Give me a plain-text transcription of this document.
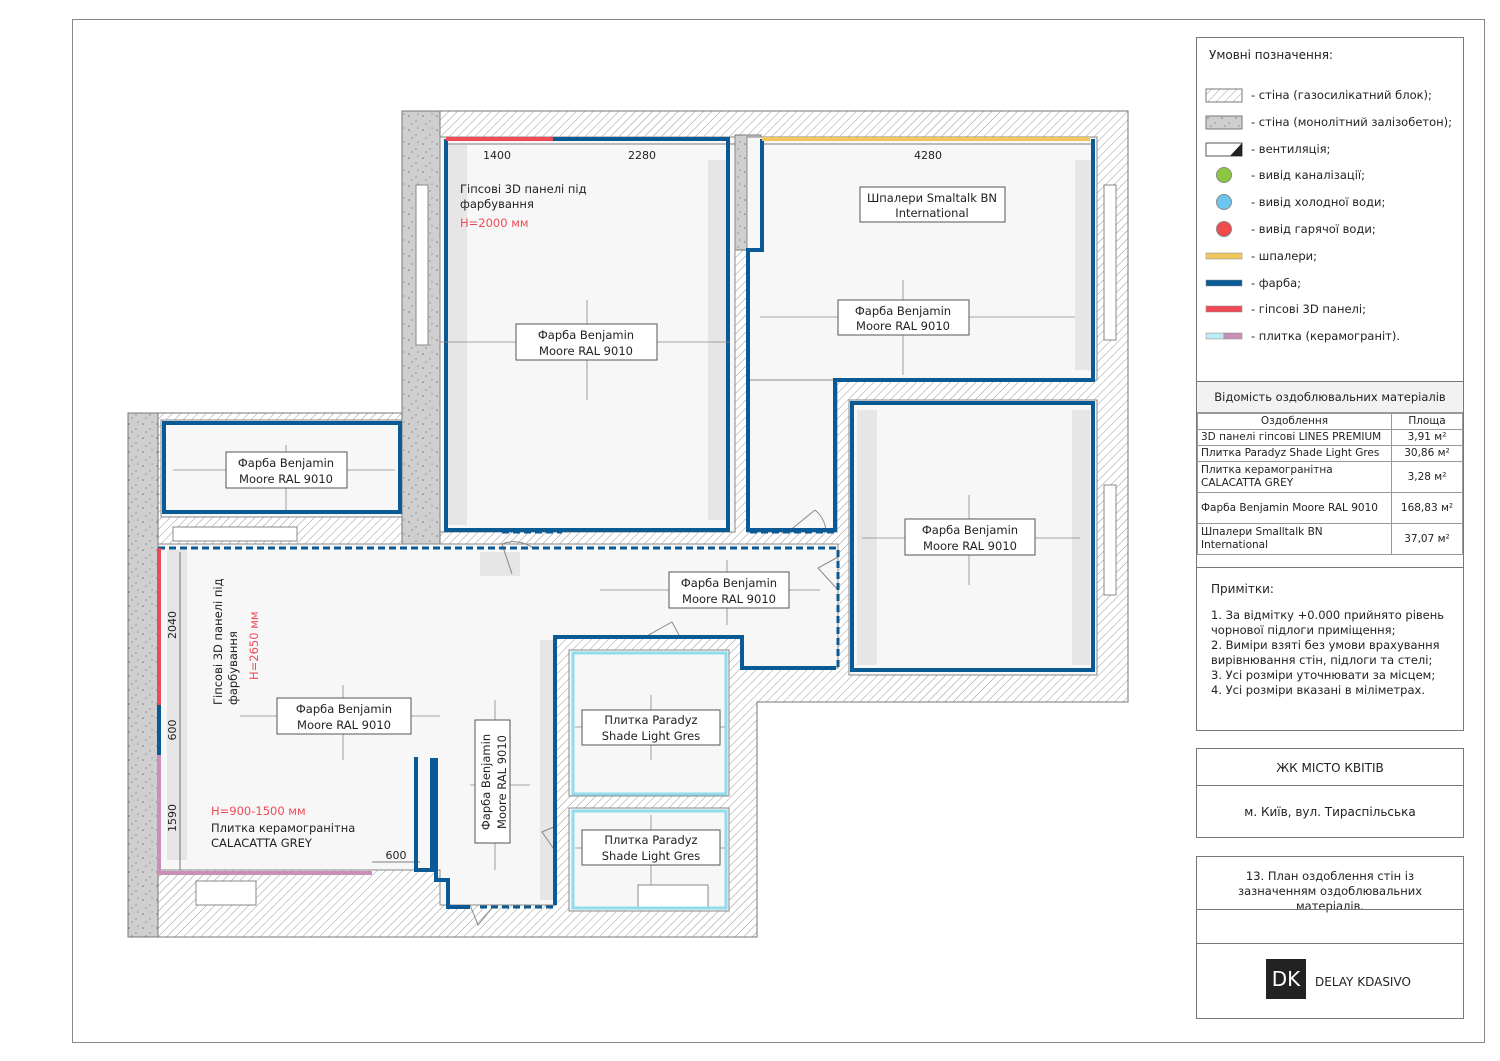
Фарба Benjamin
Moore RAL 9010
Фарба Benjamin
Moore RAL 9010
Шпалери Smaltalk BN
International
Фарба Benjamin
Moore RAL 9010
Фарба Benjamin
Moore RAL 9010
Фарба Benjamin
Moore RAL 9010
Фарба Benjamin
Moore RAL 9010	Плитка Paradyz
Shade Light Gres
Плитка Paradyz
Shade Light Gres
Фарба Benjamin Moore RAL 9010
Гіпсові 3D панелі під
фарбування
H=2000 мм
H=900-1500 мм
Плитка керамогранітна
CALACATTA GREY
Гіпсові 3D панелі під фарбування H=2650 мм
1400	2280	4280
600
2040
600
1590
Умовні позначення:
- стіна (газосилікатний блок);
- стіна (монолітний залізобетон);
- вентиляція;
- вивід каналізації;
- вивід холодної води;
- вивід гарячої води;
- шпалери;
- фарба;
- гіпсові 3D панелі;
- плитка (керамограніт).
Відомість оздоблювальних матеріалів
Оздоблення	Площа
3D панелі гіпсові LINES PREMIUM	3,91 м²
Плитка Paradyz Shade Light Gres	30,86 м²
Плитка керамогранітна CALACATTA GREY	3,28 м²
Фарба Benjamin Moore RAL 9010	168,83 м²
Шпалери Smalltalk BN International	37,07 м²
Примітки:
1. За відмітку +0.000 прийнято рівень чорнової підлоги приміщення;
2. Виміри взяті без умови врахування вирівнювання стін, підлоги та стелі;
3. Усі розміри уточнювати за місцем;
4. Усі розміри вказані в міліметрах.
ЖК МІСТО КВІТІВ
м. Київ, вул. Тираспільська
13. План оздоблення стін із зазначенням оздоблювальних матеріалів.
DK	DELAY KDASIVO
